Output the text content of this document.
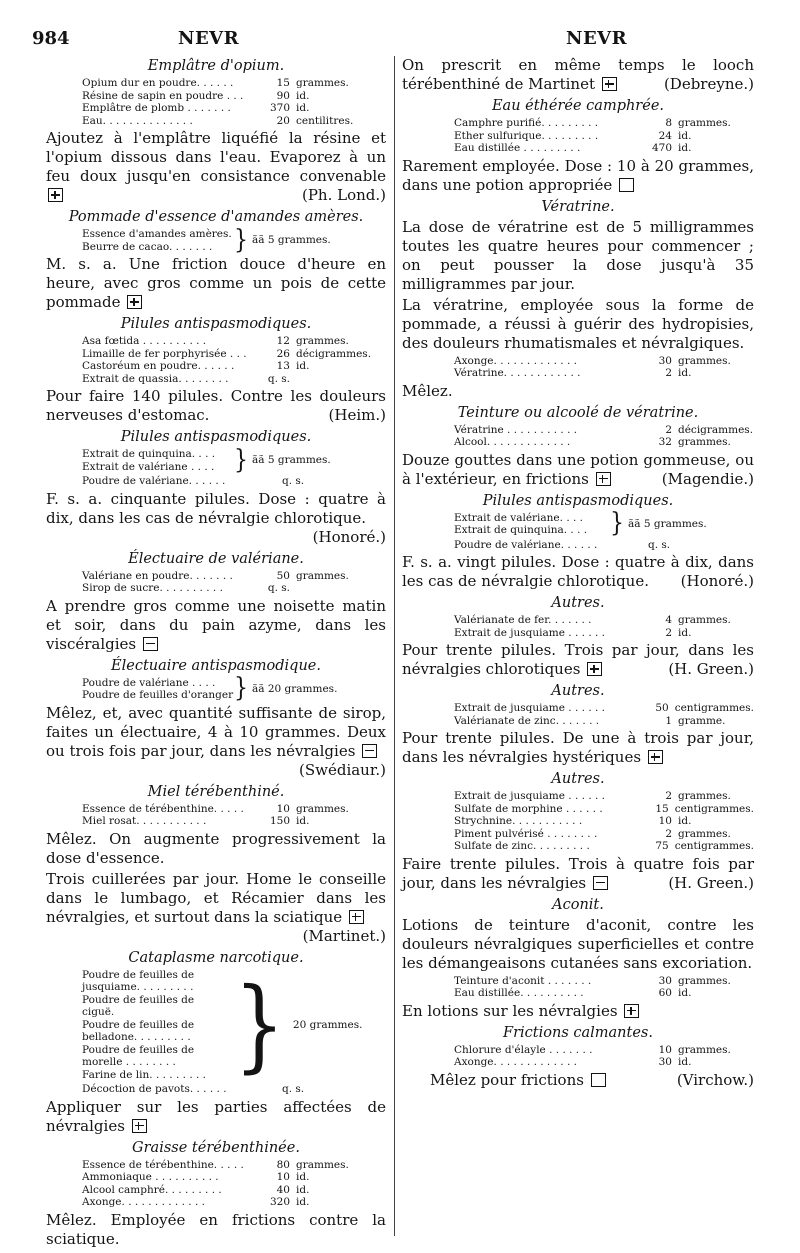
984	NEVR	NEVR
Emplâtre d'opium.
Opium dur en poudre. . . . . .	15 grammes.
Résine de sapin en poudre . . .	90 id.
Emplâtre de plomb . . . . . . .	370 id.
Eau. . . . . . . . . . . . . .	20 centilitres.

Ajoutez à l'emplâtre liquéfié la résine et l'opium dissous dans l'eau. Evaporez à un feu doux jusqu'en consistance convenable
(Ph. Lond.)

Pommade d'essence d'amandes amères.
Essence d'amandes amères.
Beurre de cacao. . . . . . . } ãã 5 grammes.

M. s. a. Une friction douce d'heure en heure, avec gros comme un pois de cette pommade

Pilules antispasmodiques.
Asa fœtida . . . . . . . . . .	12 grammes.
Limaille de fer porphyrisée . . .	26 décigrammes.
Castoréum en poudre. . . . . .	13 id.
Extrait de quassia. . . . . . . .	q. s.

Pour faire 140 pilules. Contre les douleurs nerveuses d'estomac.	(Heim.)

Pilules antispasmodiques.
Extrait de quinquina. . . .
Extrait de valériane . . . . } ãã 5 grammes.
Poudre de valériane. . . . . .	q. s.

F. s. a. cinquante pilules. Dose : quatre à dix, dans les cas de névralgie chlorotique.
(Honoré.)

Électuaire de valériane.
Valériane en poudre. . . . . . .	50 grammes.
Sirop de sucre. . . . . . . . . .	q. s.

A prendre gros comme une noisette matin et soir, dans du pain azyme, dans les viscéralgies

Électuaire antispasmodique.
Poudre de valériane . . . .
Poudre de feuilles d'oranger } ãã 20 grammes.

Mêlez, et, avec quantité suffisante de sirop, faites un électuaire, 4 à 10 grammes. Deux ou trois fois par jour, dans les névralgies
(Swédiaur.)

Miel térébenthiné.
Essence de térébenthine. . . . .	10 grammes.
Miel rosat. . . . . . . . . . .	150 id.

Mêlez. On augmente progressivement la dose d'essence.

Trois cuillerées par jour. Home le conseille dans le lumbago, et Récamier dans les névralgies, et surtout dans la sciatique
(Martinet.)

Cataplasme narcotique.
Poudre de feuilles de jusquiame. . . . . . . . .
Poudre de feuilles de ciguë.
Poudre de feuilles de belladone. . . . . . . . .
Poudre de feuilles de morelle . . . . . . . .
Farine de lin. . . . . . . . . } 20 grammes.
Décoction de pavots. . . . . .	q. s.

Appliquer sur les parties affectées de névralgies

Graisse térébenthinée.
Essence de térébenthine. . . . .	80 grammes.
Ammoniaque . . . . . . . . . .	10 id.
Alcool camphré. . . . . . . . .	40 id.
Axonge. . . . . . . . . . . . .	320 id.

Mêlez. Employée en frictions contre la sciatique.

On prescrit en même temps le looch térébenthiné de Martinet	(Debreyne.)

Eau éthérée camphrée.
Camphre purifié. . . . . . . . .	8 grammes.
Ether sulfurique. . . . . . . . .	24 id.
Eau distillée . . . . . . . . .	470 id.

Rarement employée. Dose : 10 à 20 grammes, dans une potion appropriée

Vératrine.

La dose de vératrine est de 5 milligrammes toutes les quatre heures pour commencer ; on peut pousser la dose jusqu'à 35 milligrammes par jour.

La vératrine, employée sous la forme de pommade, a réussi à guérir des hydropisies, des douleurs rhumatismales et névralgiques.

Axonge. . . . . . . . . . . . .	30 grammes.
Vératrine. . . . . . . . . . . .	2 id.

Mêlez.

Teinture ou alcoolé de vératrine.
Vératrine . . . . . . . . . . .	2 décigrammes.
Alcool. . . . . . . . . . . . .	32 grammes.

Douze gouttes dans une potion gommeuse, ou à l'extérieur, en frictions	(Magendie.)

Pilules antispasmodiques.
Extrait de valériane. . . .
Extrait de quinquina. . . .	} ãã 5 grammes.
Poudre de valériane. . . . . .	q. s.

F. s. a. vingt pilules. Dose : quatre à dix, dans les cas de névralgie chlorotique. (Honoré.)

Autres.
Valérianate de fer. . . . . . .	4 grammes.
Extrait de jusquiame . . . . . .	2 id.

Pour trente pilules. Trois par jour, dans les névralgies chlorotiques	(H. Green.)

Autres.
Extrait de jusquiame . . . . . .	50 centigrammes.
Valérianate de zinc. . . . . . .	1 gramme.

Pour trente pilules. De une à trois par jour, dans les névralgies hystériques

Autres.
Extrait de jusquiame . . . . . .	2 grammes.
Sulfate de morphine . . . . . .	15 centigrammes.
Strychnine. . . . . . . . . . .	10 id.
Piment pulvérisé . . . . . . . .	2 grammes.
Sulfate de zinc. . . . . . . . .	75 centigrammes.

Faire trente pilules. Trois à quatre fois par jour, dans les névralgies	(H. Green.)

Aconit.

Lotions de teinture d'aconit, contre les douleurs névralgiques superficielles et contre les démangeaisons cutanées sans excoriation.

Teinture d'aconit . . . . . . .	30 grammes.
Eau distillée. . . . . . . . . .	60 id.

En lotions sur les névralgies

Frictions calmantes.
Chlorure d'élayle . . . . . . .	10 grammes.
Axonge. . . . . . . . . . . . .	30 id.

Mêlez pour frictions	(Virchow.)
